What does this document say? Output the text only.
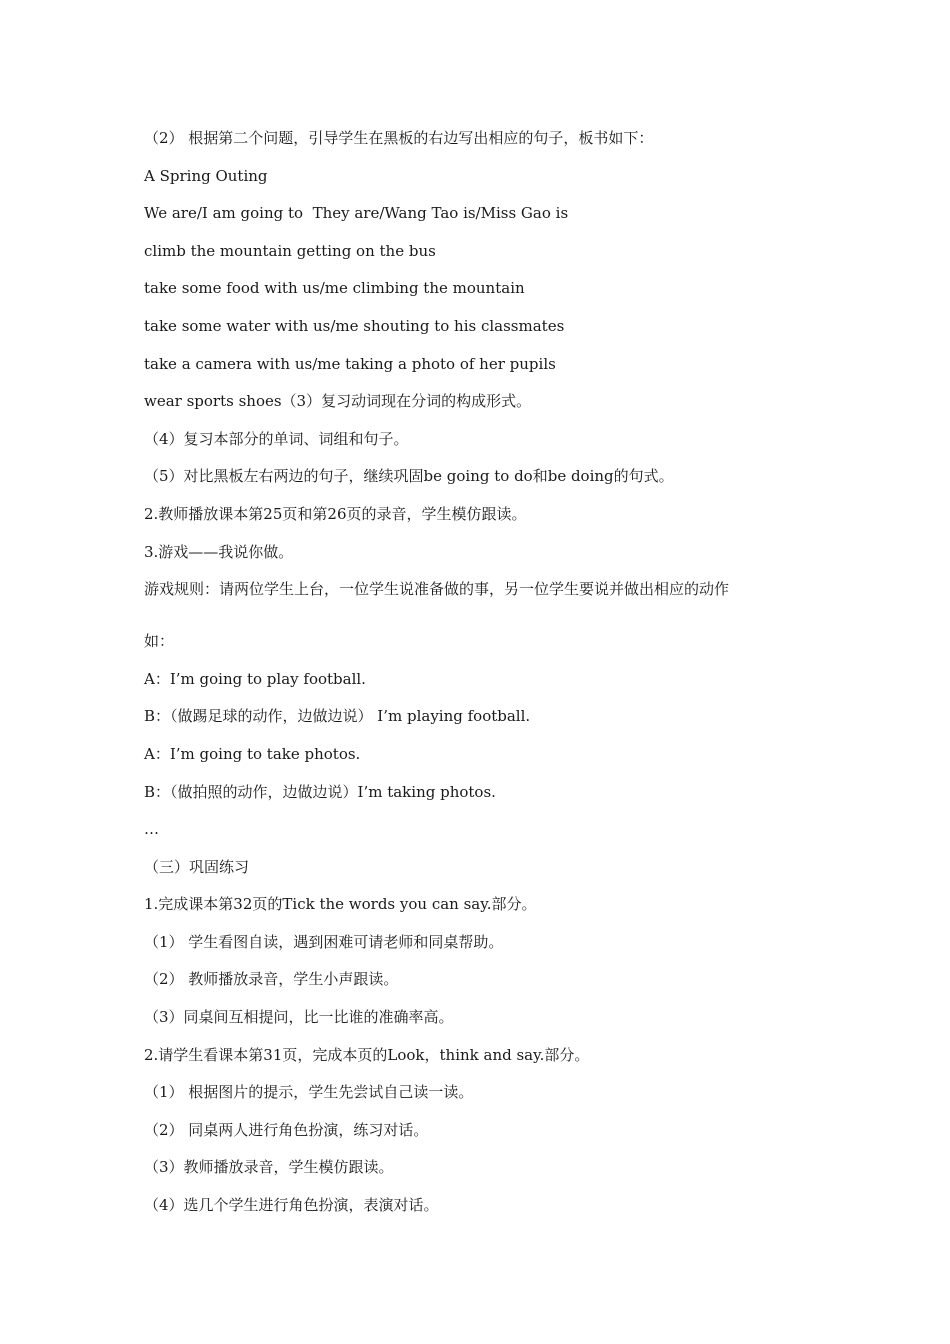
（2） 根据第二个问题，引导学生在黑板的右边写出相应的句子，板书如下：
A Spring Outing
We are/I am going to  They are/Wang Tao is/Miss Gao is
climb the mountain getting on the bus
take some food with us/me climbing the mountain
take some water with us/me shouting to his classmates
take a camera with us/me taking a photo of her pupils
wear sports shoes（3）复习动词现在分词的构成形式。
（4）复习本部分的单词、词组和句子。
（5）对比黑板左右两边的句子，继续巩固be going to do和be doing的句式。
2.教师播放课本第25页和第26页的录音，学生模仿跟读。
3.游戏——我说你做。
游戏规则：请两位学生上台，一位学生说准备做的事，另一位学生要说并做出相应的动作
如：
A：I’m going to play football.
B：（做踢足球的动作，边做边说） I’m playing football.
A：I’m going to take photos.
B：（做拍照的动作，边做边说）I’m taking photos.
…
（三）巩固练习
1.完成课本第32页的Tick the words you can say.部分。
（1） 学生看图自读，遇到困难可请老师和同桌帮助。
（2） 教师播放录音，学生小声跟读。
（3）同桌间互相提问，比一比谁的准确率高。
2.请学生看课本第31页，完成本页的Look，think and say.部分。
（1） 根据图片的提示，学生先尝试自己读一读。
（2） 同桌两人进行角色扮演，练习对话。
（3）教师播放录音，学生模仿跟读。
（4）选几个学生进行角色扮演，表演对话。
